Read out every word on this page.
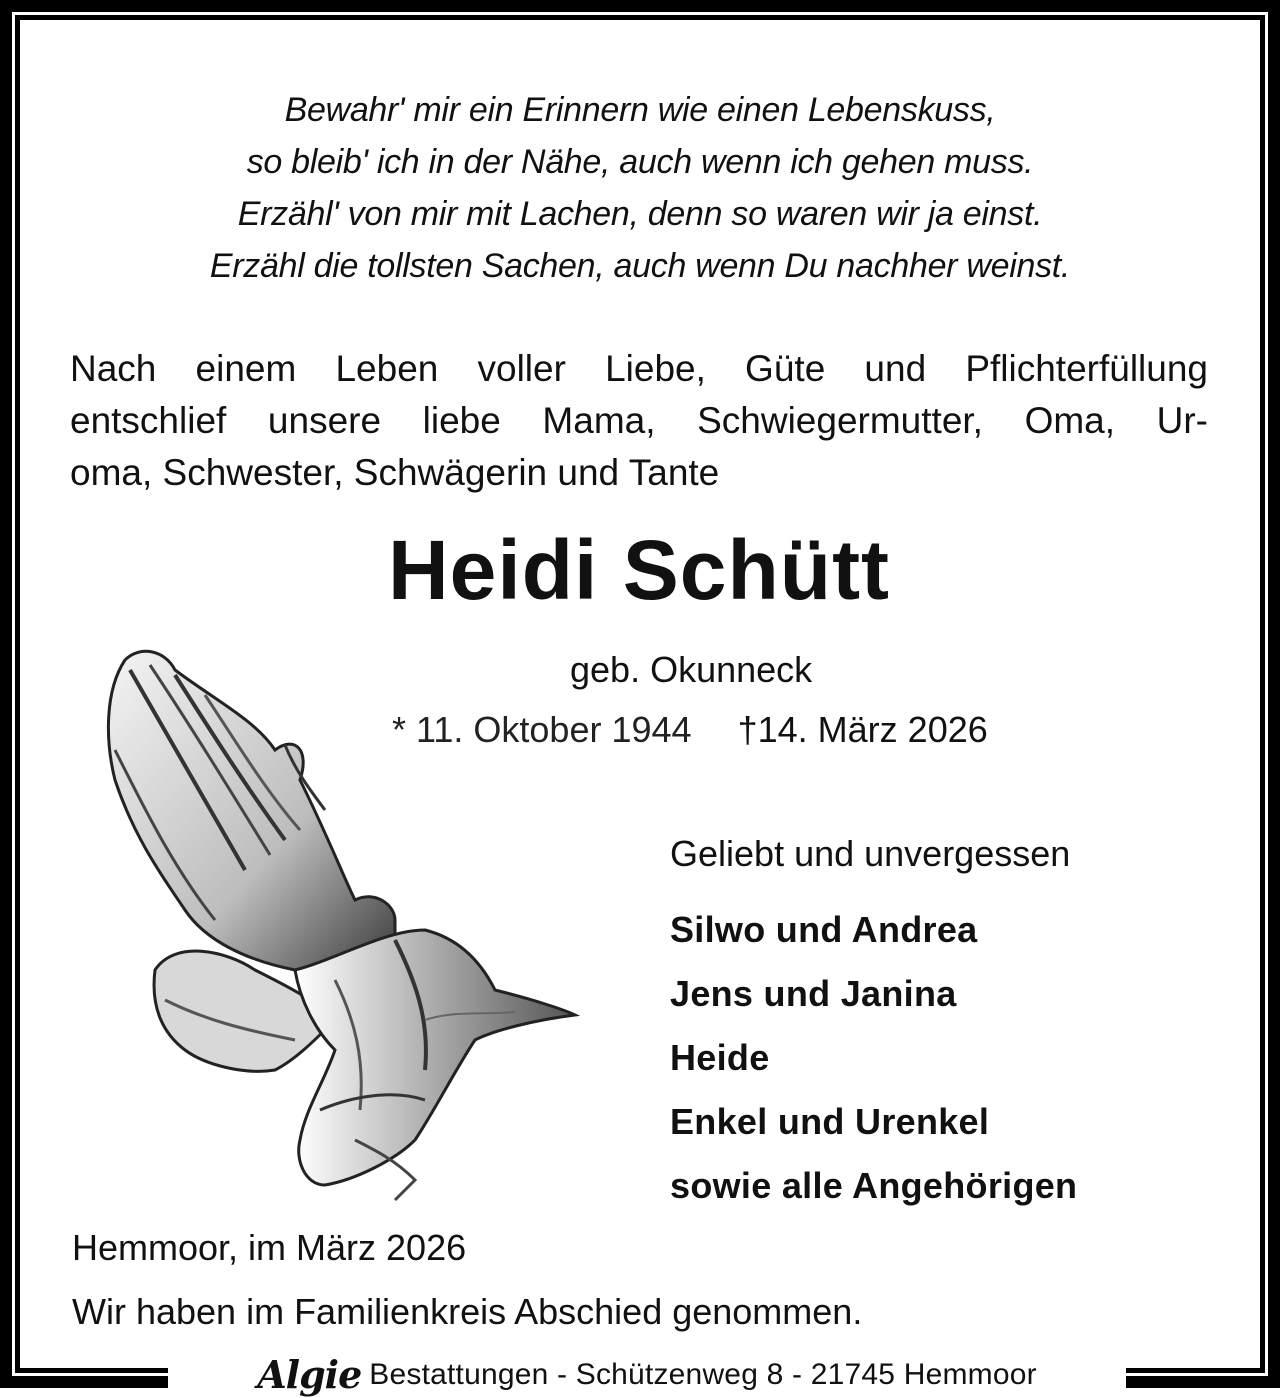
Bewahr' mir ein Erinnern wie einen Lebenskuss,
so bleib' ich in der Nähe, auch wenn ich gehen muss.
Erzähl' von mir mit Lachen, denn so waren wir ja einst.
Erzähl die tollsten Sachen, auch wenn Du nachher weinst.
Nach einem Leben voller Liebe, Güte und Pflichterfüllung
entschlief unsere liebe Mama, Schwiegermutter, Oma, Ur-
oma, Schwester, Schwägerin und Tante
Heidi Schütt
geb. Okunneck
* 11. Oktober 1944 †14. März 2026
Geliebt und unvergessen
Silwo und Andrea
Jens und Janina
Heide
Enkel und Urenkel
sowie alle Angehörigen
Hemmoor, im März 2026
Wir haben im Familienkreis Abschied genommen.
Algie Bestattungen - Schützenweg 8 - 21745 Hemmoor
